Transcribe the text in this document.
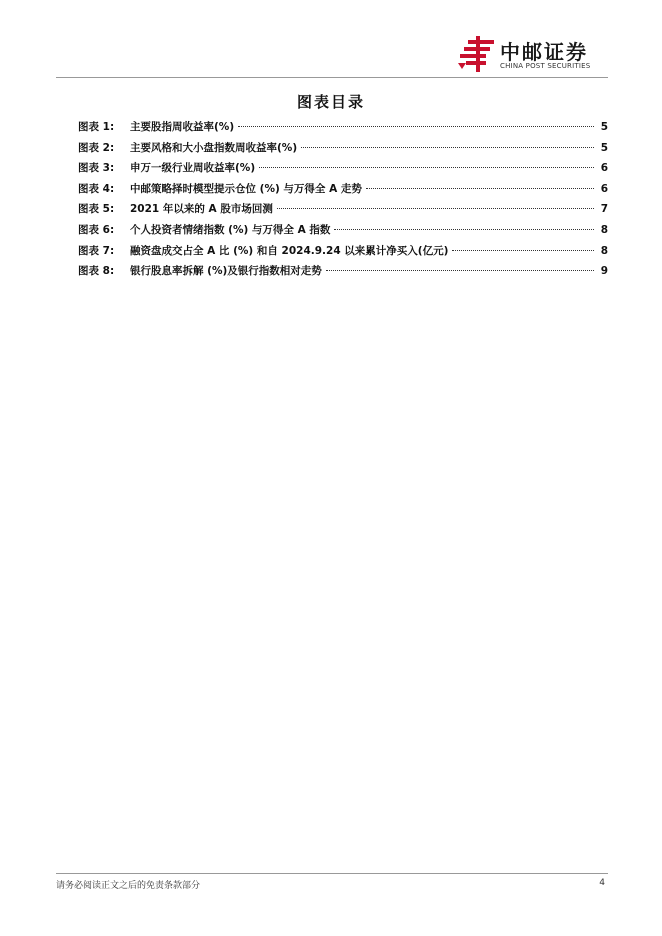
中邮证券
CHINA POST SECURITIES
图表目录
图表 1:	主要股指周收益率(%)	5
图表 2:	主要风格和大小盘指数周收益率(%)	5
图表 3:	申万一级行业周收益率(%)	6
图表 4:	中邮策略择时模型提示仓位 (%) 与万得全 A 走势	6
图表 5:	2021 年以来的 A 股市场回测	7
图表 6:	个人投资者情绪指数 (%) 与万得全 A 指数	8
图表 7:	融资盘成交占全 A 比 (%) 和自 2024.9.24 以来累计净买入(亿元)	8
图表 8:	银行股息率拆解 (%)及银行指数相对走势	9
请务必阅读正文之后的免责条款部分	4
